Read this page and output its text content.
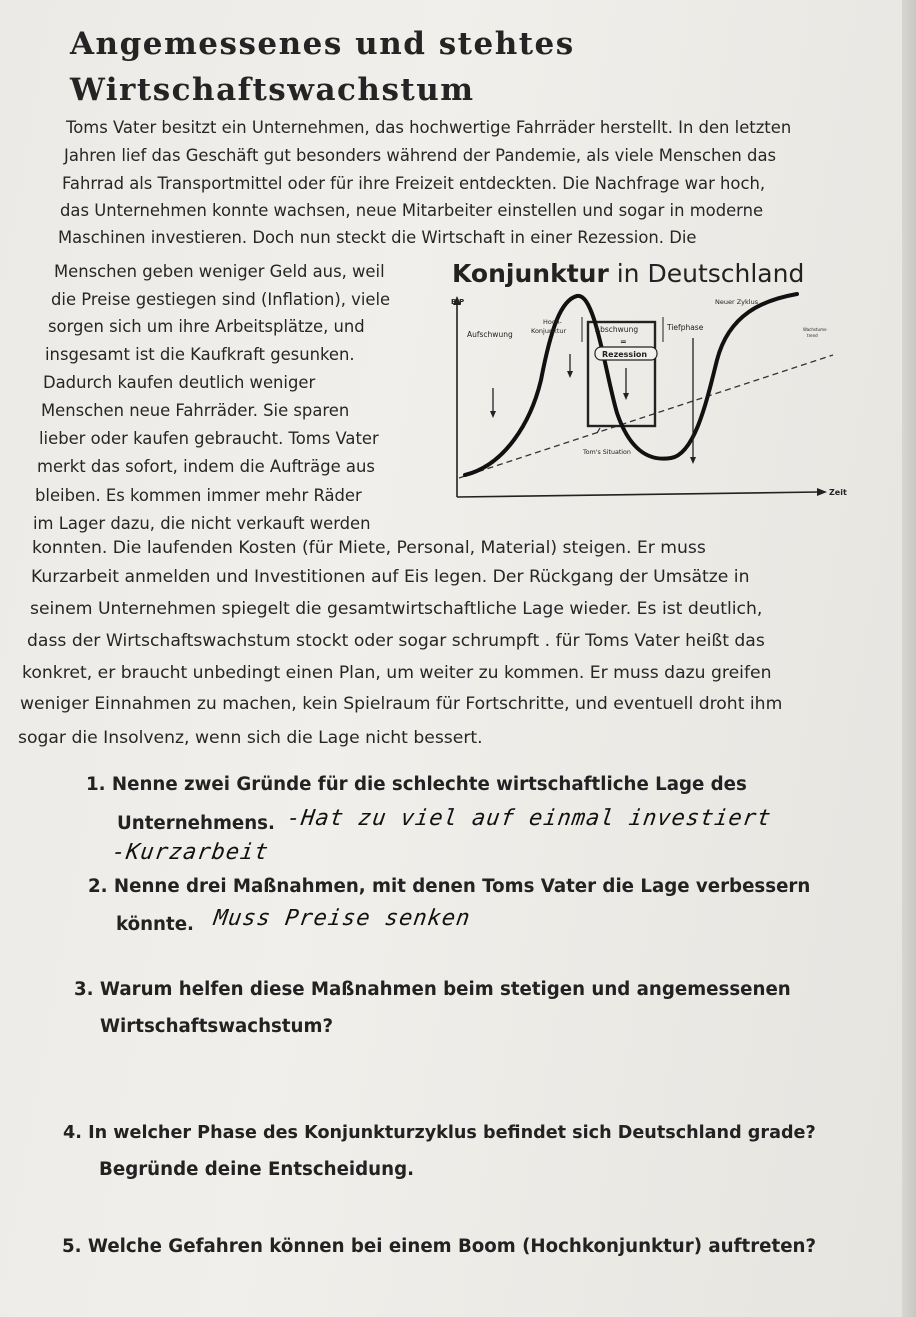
Angemessenes und stehtes
Wirtschaftswachstum
Toms Vater besitzt ein Unternehmen, das hochwertige Fahrräder herstellt. In den letzten
Jahren lief das Geschäft gut besonders während der Pandemie, als viele Menschen das
Fahrrad als Transportmittel oder für ihre Freizeit entdeckten. Die Nachfrage war hoch,
das Unternehmen konnte wachsen, neue Mitarbeiter einstellen und sogar in moderne
Maschinen investieren. Doch nun steckt die Wirtschaft in einer Rezession. Die
Menschen geben weniger Geld aus, weil
die Preise gestiegen sind (Inflation), viele
sorgen sich um ihre Arbeitsplätze, und
insgesamt ist die Kaufkraft gesunken.
Dadurch kaufen deutlich weniger
Menschen neue Fahrräder. Sie sparen
lieber oder kaufen gebraucht. Toms Vater
merkt das sofort, indem die Aufträge aus
bleiben. Es kommen immer mehr Räder
im Lager dazu, die nicht verkauft werden
konnten. Die laufenden Kosten (für Miete, Personal, Material) steigen. Er muss
Kurzarbeit anmelden und Investitionen auf Eis legen. Der Rückgang der Umsätze in
seinem Unternehmen spiegelt die gesamtwirtschaftliche Lage wieder. Es ist deutlich,
dass der Wirtschaftswachstum stockt oder sogar schrumpft . für Toms Vater heißt das
konkret, er braucht unbedingt einen Plan, um weiter zu kommen. Er muss dazu greifen
weniger Einnahmen zu machen, kein Spielraum für Fortschritte, und eventuell droht ihm
sogar die Insolvenz, wenn sich die Lage nicht bessert.
Konjunktur in Deutschland
BIP
Zeit
Aufschwung
Hoch-
Konjunktur	Abschwung
=
Rezession
Tiefphase
Neuer Zyklus
Wachstums-
trend
Tom's Situation
1. Nenne zwei Gründe für die schlechte wirtschaftliche Lage des
Unternehmens. -Hat zu viel auf einmal investiert
-Kurzarbeit
2. Nenne drei Maßnahmen, mit denen Toms Vater die Lage verbessern
könnte. Muss Preise senken
3. Warum helfen diese Maßnahmen beim stetigen und angemessenen
Wirtschaftswachstum?
4. In welcher Phase des Konjunkturzyklus befindet sich Deutschland grade?
Begründe deine Entscheidung.
5. Welche Gefahren können bei einem Boom (Hochkonjunktur) auftreten?
